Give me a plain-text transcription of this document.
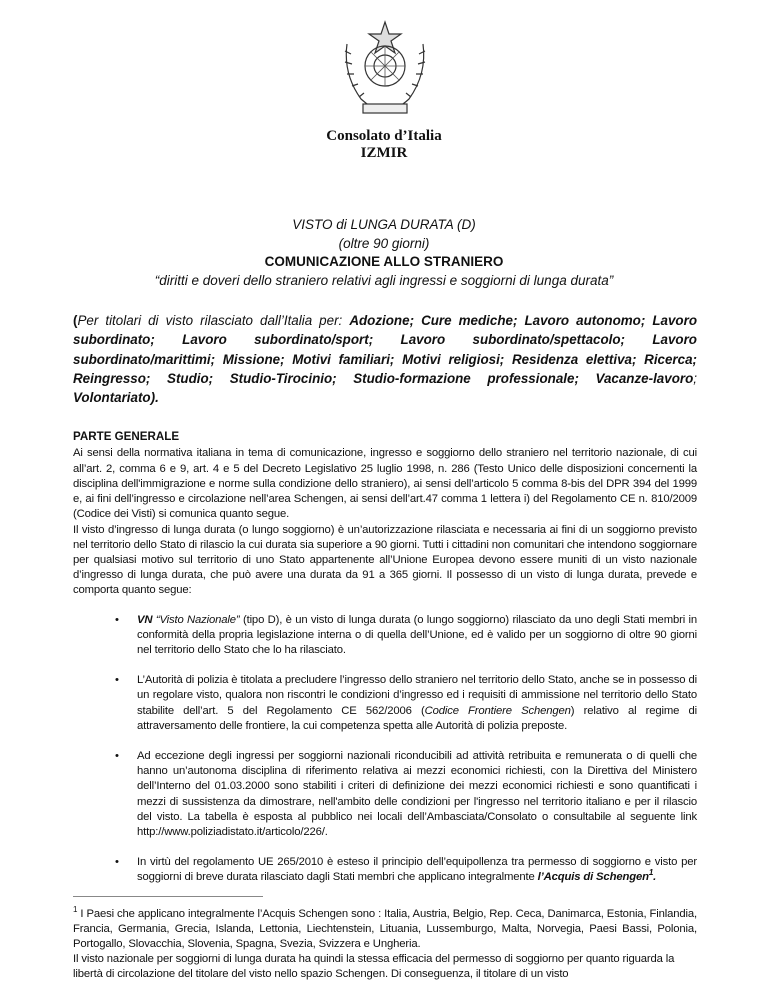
Consolato d’Italia
IZMIR
VISTO di LUNGA DURATA (D)
(oltre 90 giorni)
COMUNICAZIONE ALLO STRANIERO
“diritti e doveri dello straniero relativi agli ingressi e soggiorni di lunga durata”
(Per titolari di visto rilasciato dall’Italia per: Adozione; Cure mediche; Lavoro autonomo; Lavoro subordinato; Lavoro subordinato/sport; Lavoro subordinato/spettacolo; Lavoro subordinato/marittimi; Missione; Motivi familiari; Motivi religiosi; Residenza elettiva; Ricerca; Reingresso; Studio; Studio-Tirocinio; Studio-formazione professionale; Vacanze-lavoro; Volontariato).
PARTE GENERALE

Ai sensi della normativa italiana in tema di comunicazione, ingresso e soggiorno dello straniero nel territorio nazionale, di cui all’art. 2, comma 6 e 9, art. 4 e 5 del Decreto Legislativo 25 luglio 1998, n. 286 (Testo Unico delle disposizioni concernenti la disciplina dell'immigrazione e norme sulla condizione dello straniero), ai sensi dell’articolo 5 comma 8-bis del DPR 394 del 1999 e, ai fini dell’ingresso e circolazione nell’area Schengen, ai sensi dell’art.47 comma 1 lettera i) del Regolamento CE n. 810/2009 (Codice dei Visti) si comunica quanto segue.

Il visto d’ingresso di lunga durata (o lungo soggiorno) è un’autorizzazione rilasciata e necessaria ai fini di un soggiorno previsto nel territorio dello Stato di rilascio la cui durata sia superiore a 90 giorni. Tutti i cittadini non comunitari che intendono soggiornare per qualsiasi motivo sul territorio di uno Stato appartenente all’Unione Europea devono essere muniti di un visto nazionale d’ingresso di lunga durata, che può avere una durata da 91 a 365 giorni. Il possesso di un visto di lunga durata, prevede e comporta quanto segue:

• VN “Visto Nazionale” (tipo D), è un visto di lunga durata (o lungo soggiorno) rilasciato da uno degli Stati membri in conformità della propria legislazione interna o di quella dell’Unione, ed è valido per un soggiorno di oltre 90 giorni nel territorio dello Stato che lo ha rilasciato.
• L’Autorità di polizia è titolata a precludere l’ingresso dello straniero nel territorio dello Stato, anche se in possesso di un regolare visto, qualora non riscontri le condizioni d’ingresso ed i requisiti di ammissione nel territorio dello Stato stabilite dell’art. 5 del Regolamento CE 562/2006 (Codice Frontiere Schengen) relativo al regime di attraversamento delle frontiere, la cui competenza spetta alle Autorità di polizia preposte.
• Ad eccezione degli ingressi per soggiorni nazionali riconducibili ad attività retribuita e remunerata o di quelli che hanno un’autonoma disciplina di riferimento relativa ai mezzi economici richiesti, con la Direttiva del Ministero dell’Interno del 01.03.2000 sono stabiliti i criteri di definizione dei mezzi economici richiesti e sono quantificati i mezzi di sussistenza da dimostrare, nell'ambito delle condizioni per l'ingresso nel territorio italiano e per il rilascio del visto. La tabella è esposta al pubblico nei locali dell’Ambasciata/Consolato o consultabile al seguente link http://www.poliziadistato.it/articolo/226/.
• In virtù del regolamento UE 265/2010 è esteso il principio dell’equipollenza tra permesso di soggiorno e visto per soggiorni di breve durata rilasciato dagli Stati membri che applicano integralmente l’Acquis di Schengen$^1$.

$^1$ I Paesi che applicano integralmente l’Acquis Schengen sono : Italia, Austria, Belgio, Rep. Ceca, Danimarca, Estonia, Finlandia, Francia, Germania, Grecia, Islanda, Lettonia, Liechtenstein, Lituania, Lussemburgo, Malta, Norvegia, Paesi Bassi, Polonia, Portogallo, Slovacchia, Slovenia, Spagna, Svezia, Svizzera e Ungheria.

Il visto nazionale per soggiorni di lunga durata ha quindi la stessa efficacia del permesso di soggiorno per quanto riguarda la libertà di circolazione del titolare del visto nello spazio Schengen. Di conseguenza, il titolare di un visto
